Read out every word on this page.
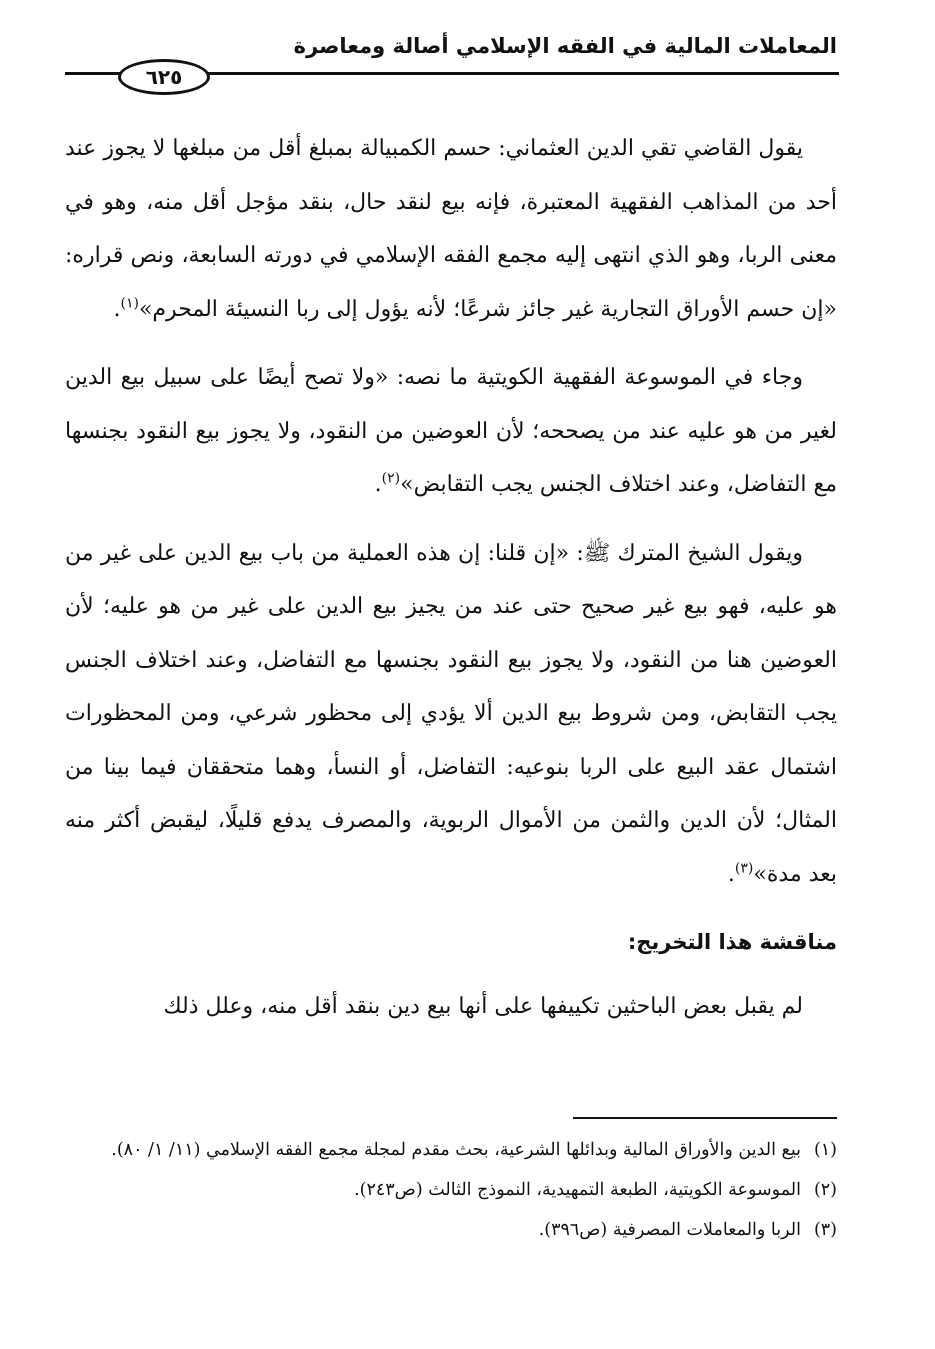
المعاملات المالية في الفقه الإسلامي أصالة ومعاصرة
٦٢٥

يقول القاضي تقي الدين العثماني: حسم الكمبيالة بمبلغ أقل من مبلغها لا يجوز عند أحد من المذاهب الفقهية المعتبرة، فإنه بيع لنقد حال، بنقد مؤجل أقل منه، وهو في معنى الربا، وهو الذي انتهى إليه مجمع الفقه الإسلامي في دورته السابعة، ونص قراره: «إن حسم الأوراق التجارية غير جائز شرعًا؛ لأنه يؤول إلى ربا النسيئة المحرم»$^{(١)}$.

وجاء في الموسوعة الفقهية الكويتية ما نصه: «ولا تصح أيضًا على سبيل بيع الدين لغير من هو عليه عند من يصححه؛ لأن العوضين من النقود، ولا يجوز بيع النقود بجنسها مع التفاضل، وعند اختلاف الجنس يجب التقابض»$^{(٢)}$.

ويقول الشيخ المترك ﷺ: «إن قلنا: إن هذه العملية من باب بيع الدين على غير من هو عليه، فهو بيع غير صحيح حتى عند من يجيز بيع الدين على غير من هو عليه؛ لأن العوضين هنا من النقود، ولا يجوز بيع النقود بجنسها مع التفاضل، وعند اختلاف الجنس يجب التقابض، ومن شروط بيع الدين ألا يؤدي إلى محظور شرعي، ومن المحظورات اشتمال عقد البيع على الربا بنوعيه: التفاضل، أو النسأ، وهما متحققان فيما بينا من المثال؛ لأن الدين والثمن من الأموال الربوية، والمصرف يدفع قليلًا، ليقبض أكثر منه بعد مدة»$^{(٣)}$.

مناقشة هذا التخريج:

لم يقبل بعض الباحثين تكييفها على أنها بيع دين بنقد أقل منه، وعلل ذلك

(١)
بيع الدين والأوراق المالية وبدائلها الشرعية، بحث مقدم لمجلة مجمع الفقه الإسلامي (١١/ ١/ ٨٠).
(٢)
الموسوعة الكويتية، الطبعة التمهيدية، النموذج الثالث (ص٢٤٣).
(٣)
الربا والمعاملات المصرفية (ص٣٩٦).
